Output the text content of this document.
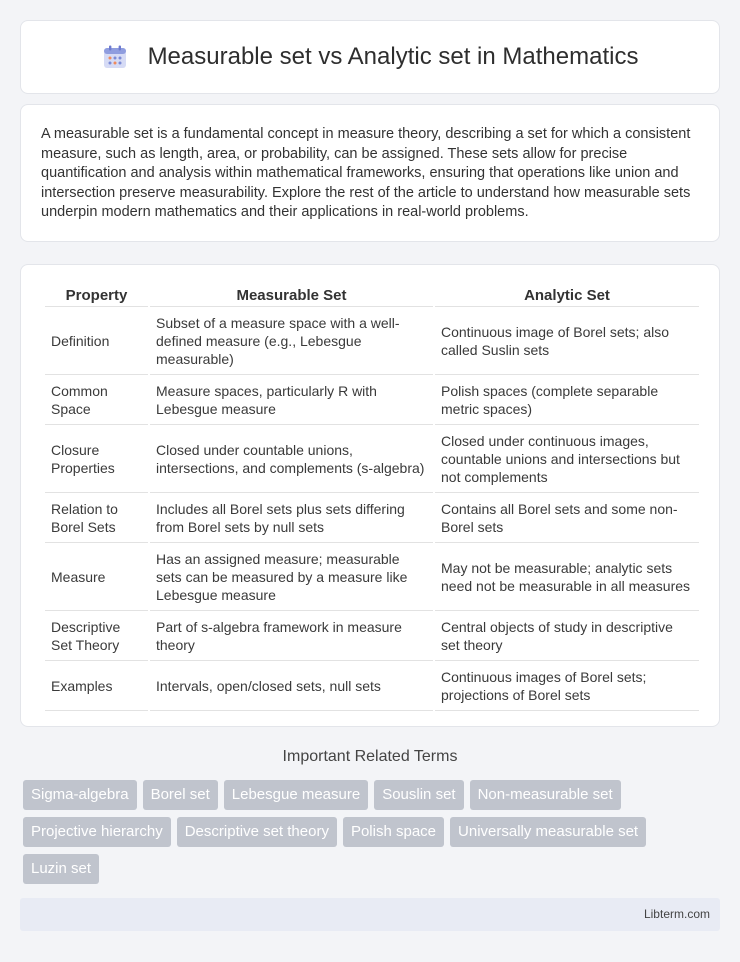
Measurable set vs Analytic set in Mathematics

A measurable set is a fundamental concept in measure theory, describing a set for which a consistent measure, such as length, area, or probability, can be assigned. These sets allow for precise quantification and analysis within mathematical frameworks, ensuring that operations like union and intersection preserve measurability. Explore the rest of the article to understand how measurable sets underpin modern mathematics and their applications in real-world problems.

Property	Measurable Set	Analytic Set
Definition	Subset of a measure space with a well-defined measure (e.g., Lebesgue measurable)	Continuous image of Borel sets; also called Suslin sets
Common Space	Measure spaces, particularly R with Lebesgue measure	Polish spaces (complete separable metric spaces)
Closure Properties	Closed under countable unions, intersections, and complements (s-algebra)	Closed under continuous images, countable unions and intersections but not complements
Relation to Borel Sets	Includes all Borel sets plus sets differing from Borel sets by null sets	Contains all Borel sets and some non-Borel sets
Measure	Has an assigned measure; measurable sets can be measured by a measure like Lebesgue measure	May not be measurable; analytic sets need not be measurable in all measures
Descriptive Set Theory	Part of s-algebra framework in measure theory	Central objects of study in descriptive set theory
Examples	Intervals, open/closed sets, null sets	Continuous images of Borel sets; projections of Borel sets
Important Related Terms
Sigma-algebra	Borel set	Lebesgue measure	Souslin set	Non-measurable set
Projective hierarchy	Descriptive set theory	Polish space	Universally measurable set
Luzin set
Libterm.com
